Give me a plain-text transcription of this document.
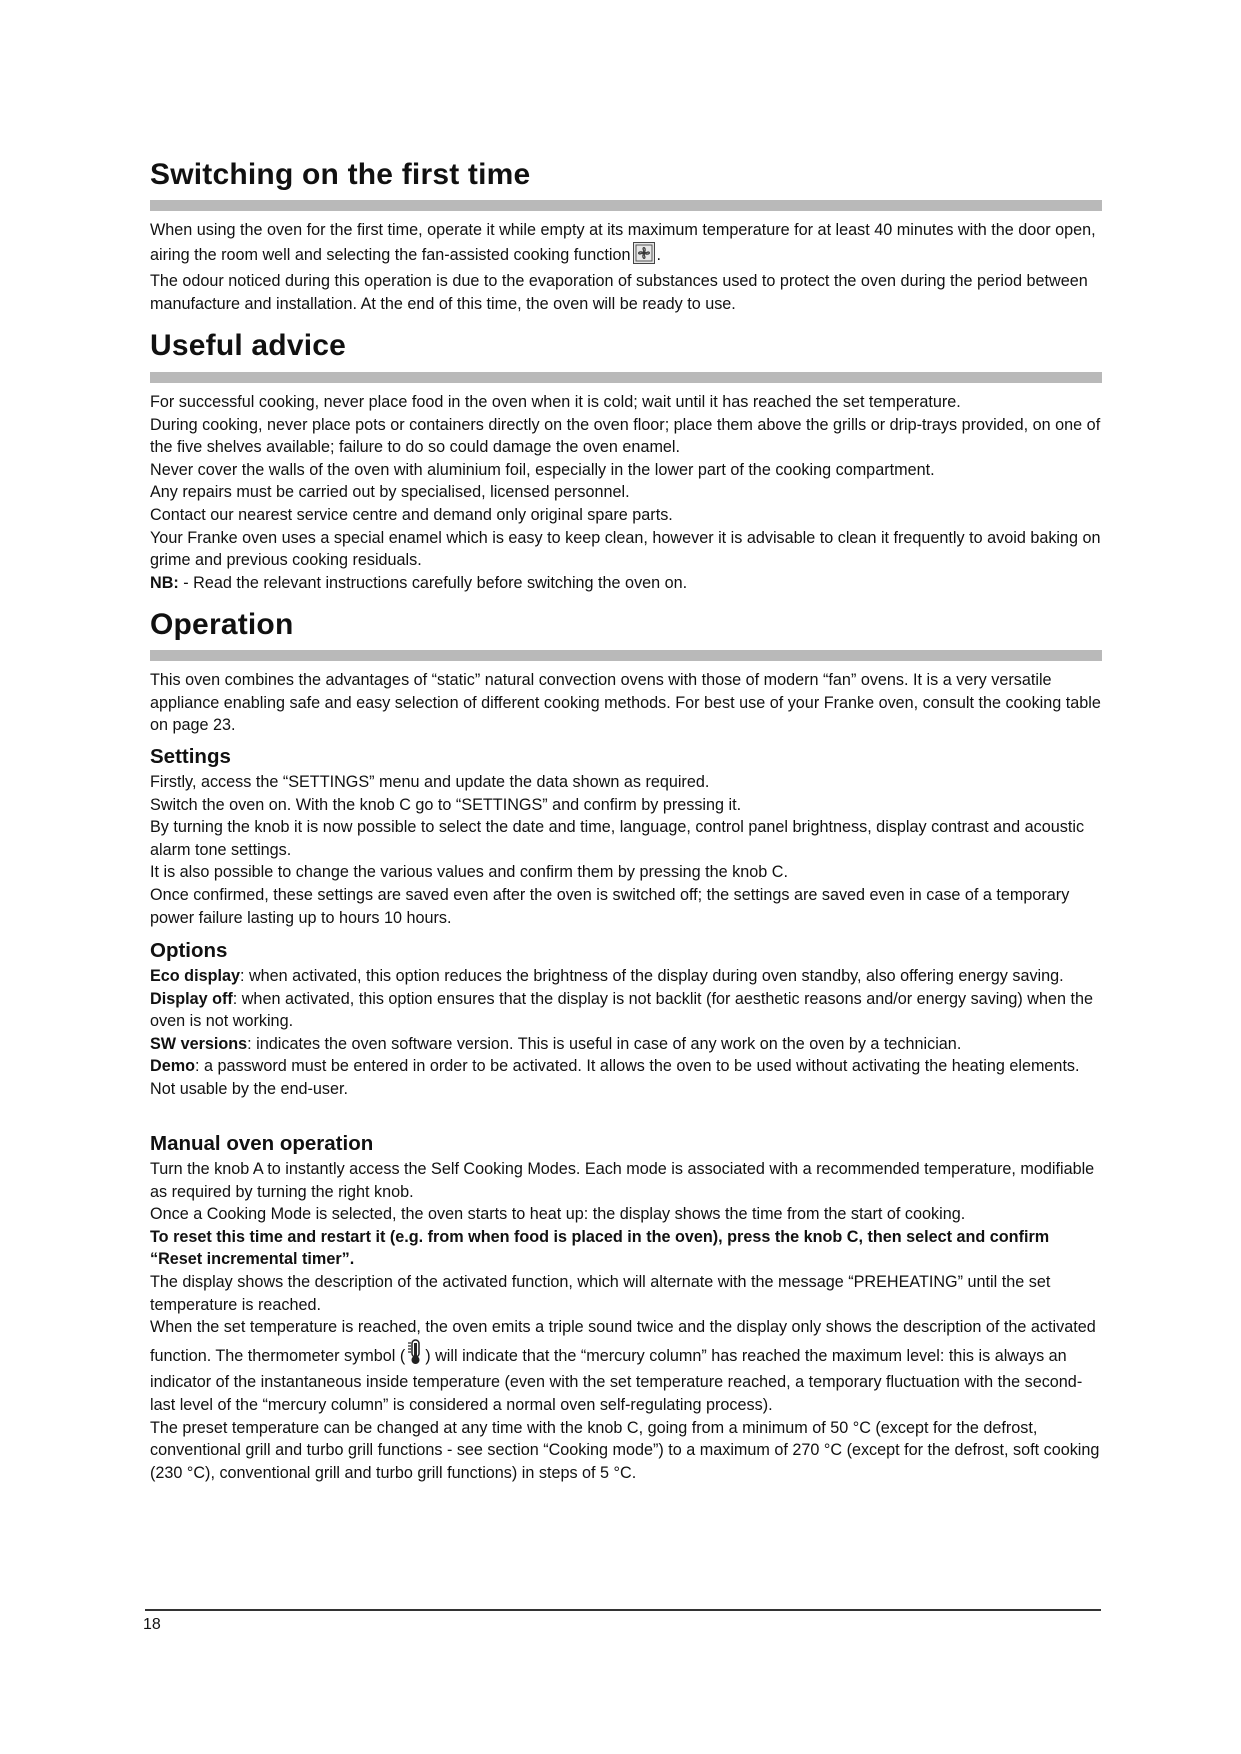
Switching on the first time

When using the oven for the first time, operate it while empty at its maximum temperature for at least 40 minutes with the door open, airing the room well and selecting the fan-assisted cooking function .

The odour noticed during this operation is due to the evaporation of substances used to protect the oven during the period between manufacture and installation. At the end of this time, the oven will be ready to use.

Useful advice

For successful cooking, never place food in the oven when it is cold; wait until it has reached the set temperature.

During cooking, never place pots or containers directly on the oven floor; place them above the grills or drip-trays provided, on one of the five shelves available; failure to do so could damage the oven enamel.

Never cover the walls of the oven with aluminium foil, especially in the lower part of the cooking compartment.

Any repairs must be carried out by specialised, licensed personnel.

Contact our nearest service centre and demand only original spare parts.

Your Franke oven uses a special enamel which is easy to keep clean, however it is advisable to clean it frequently to avoid baking on grime and previous cooking residuals.

NB: - Read the relevant instructions carefully before switching the oven on.

Operation
This oven combines the advantages of “static” natural convection ovens with those of modern “fan” ovens. It is a very versatile appliance enabling safe and easy selection of different cooking methods. For best use of your Franke oven, consult the cooking table on page 23.
Settings

Firstly, access the “SETTINGS” menu and update the data shown as required.

Switch the oven on. With the knob C go to “SETTINGS” and confirm by pressing it.

By turning the knob it is now possible to select the date and time, language, control panel brightness, display contrast and acoustic alarm tone settings.

It is also possible to change the various values and confirm them by pressing the knob C.

Once confirmed, these settings are saved even after the oven is switched off; the settings are saved even in case of a temporary power failure lasting up to hours 10 hours.

Options

Eco display: when activated, this option reduces the brightness of the display during oven standby, also offering energy saving.

Display off: when activated, this option ensures that the display is not backlit (for aesthetic reasons and/or energy saving) when the oven is not working.

SW versions: indicates the oven software version. This is useful in case of any work on the oven by a technician.

Demo: a password must be entered in order to be activated. It allows the oven to be used without activating the heating elements. Not usable by the end-user.

Manual oven operation

Turn the knob A to instantly access the Self Cooking Modes. Each mode is associated with a recommended temperature, modifiable as required by turning the right knob.

Once a Cooking Mode is selected, the oven starts to heat up: the display shows the time from the start of cooking.

To reset this time and restart it (e.g. from when food is placed in the oven), press the knob C, then select and confirm “Reset incremental timer”.

The display shows the description of the activated function, which will alternate with the message “PREHEATING” until the set temperature is reached.

When the set temperature is reached, the oven emits a triple sound twice and the display only shows the description of the activated function. The thermometer symbol ( ) will indicate that the “mercury column” has reached the maximum level: this is always an indicator of the instantaneous inside temperature (even with the set temperature reached, a temporary fluctuation with the second-last level of the “mercury column” is considered a normal oven self-regulating process).

The preset temperature can be changed at any time with the knob C, going from a minimum of 50 °C (except for the defrost, conventional grill and turbo grill functions - see section “Cooking mode”) to a maximum of 270 °C (except for the defrost, soft cooking (230 °C), conventional grill and turbo grill functions) in steps of 5 °C.

18
